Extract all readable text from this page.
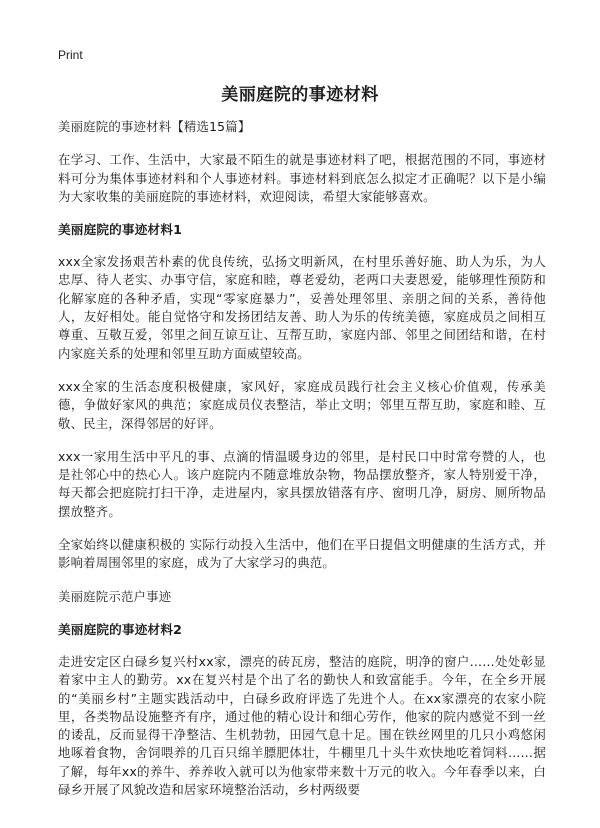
Print
美丽庭院的事迹材料

美丽庭院的事迹材料【精选15篇】

在学习、工作、生活中，大家最不陌生的就是事迹材料了吧，根据范围的不同，事迹材料可分为集体事迹材料和个人事迹材料。事迹材料到底怎么拟定才正确呢？以下是小编为大家收集的美丽庭院的事迹材料，欢迎阅读，希望大家能够喜欢。

美丽庭院的事迹材料1

xxx全家发扬艰苦朴素的优良传统，弘扬文明新风，在村里乐善好施、助人为乐，为人忠厚、待人老实、办事守信，家庭和睦，尊老爱幼，老两口夫妻恩爱，能够理性预防和化解家庭的各种矛盾，实现“零家庭暴力”，妥善处理邻里、亲朋之间的关系，善待他人，友好相处。能自觉恪守和发扬团结友善、助人为乐的传统美德，家庭成员之间相互尊重、互敬互爱，邻里之间互谅互让、互帮互助，家庭内部、邻里之间团结和谐，在村内家庭关系的处理和邻里互助方面威望较高。

xxx全家的生活态度积极健康，家风好，家庭成员践行社会主义核心价值观，传承美德，争做好家风的典范；家庭成员仪表整洁，举止文明；邻里互帮互助，家庭和睦、互敬、民主，深得邻居的好评。

xxx一家用生活中平凡的事、点滴的情温暖身边的邻里，是村民口中时常夸赞的人，也是社邻心中的热心人。该户庭院内不随意堆放杂物，物品摆放整齐，家人特别爱干净，每天都会把庭院打扫干净，走进屋内，家具摆放错落有序、窗明几净，厨房、厕所物品摆放整齐。

全家始终以健康积极的 实际行动投入生活中，他们在平日提倡文明健康的生活方式，并影响着周围邻里的家庭，成为了大家学习的典范。

美丽庭院示范户事迹

美丽庭院的事迹材料2

走进安定区白碌乡复兴村xx家，漂亮的砖瓦房，整洁的庭院，明净的窗户……处处彰显着家中主人的勤劳。xx在复兴村是个出了名的勤快人和致富能手。今年，在全乡开展的“美丽乡村”主题实践活动中，白碌乡政府评选了先进个人。在xx家漂亮的农家小院里，各类物品设施整齐有序，通过他的精心设计和细心劳作，他家的院内感觉不到一丝的诿乱，反而显得干净整洁、生机勃勃，田园气息十足。围在铁丝网里的几只小鸡悠闲地啄着食物，舍饲喂养的几百只绵羊膘肥体壮，牛棚里几十头牛欢快地吃着饲料……据了解，每年xx的养牛、养养收入就可以为他家带来数十万元的收入。今年春季以来，白碌乡开展了风貌改造和居家环境整治活动，乡村两级要
